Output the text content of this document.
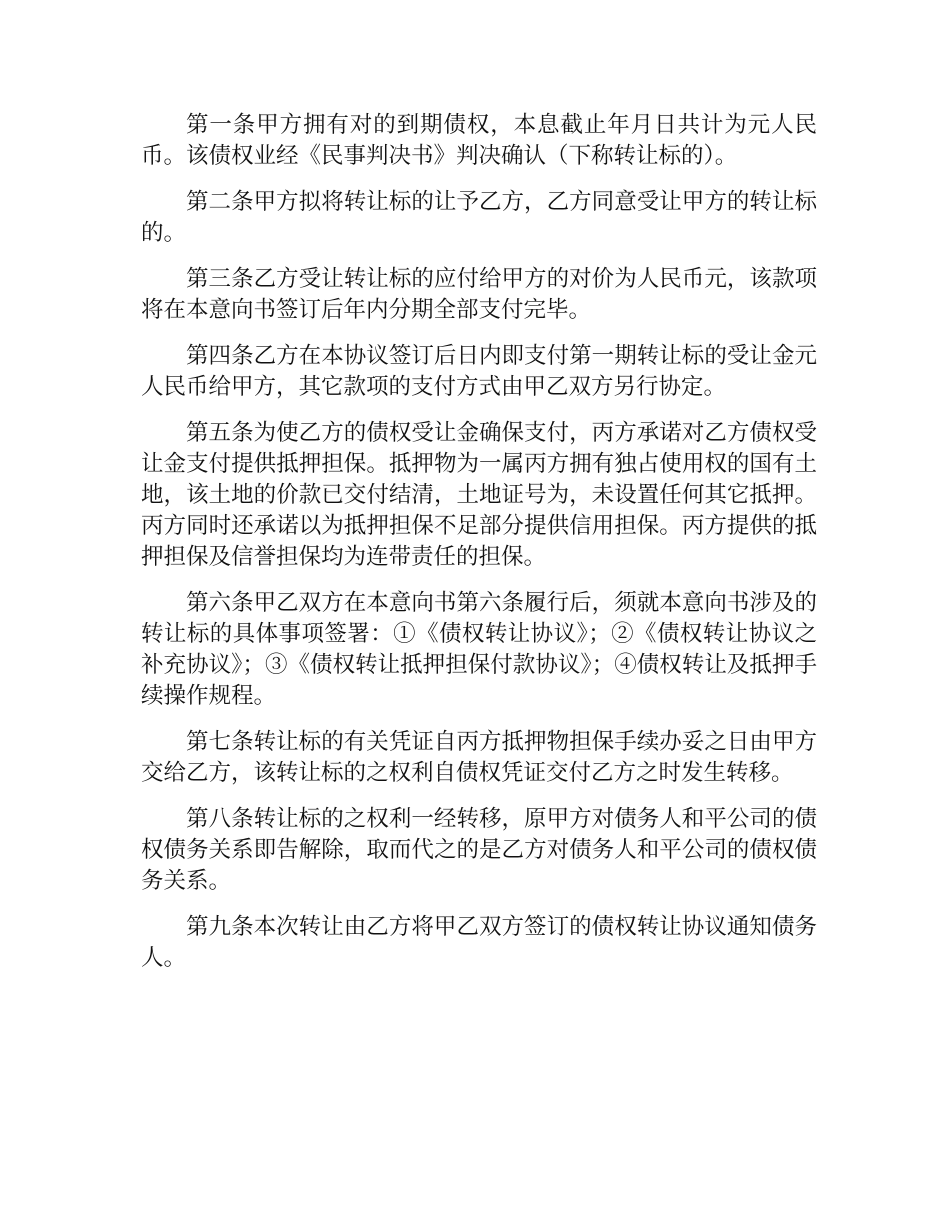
第一条甲方拥有对的到期债权，本息截止年月日共计为元人民币。该债权业经《民事判决书》判决确认（下称转让标的）。

第二条甲方拟将转让标的让予乙方，乙方同意受让甲方的转让标的。

第三条乙方受让转让标的应付给甲方的对价为人民币元，该款项将在本意向书签订后年内分期全部支付完毕。

第四条乙方在本协议签订后日内即支付第一期转让标的受让金元人民币给甲方，其它款项的支付方式由甲乙双方另行协定。

第五条为使乙方的债权受让金确保支付，丙方承诺对乙方债权受让金支付提供抵押担保。抵押物为一属丙方拥有独占使用权的国有土地，该土地的价款已交付结清，土地证号为，未设置任何其它抵押。丙方同时还承诺以为抵押担保不足部分提供信用担保。丙方提供的抵押担保及信誉担保均为连带责任的担保。

第六条甲乙双方在本意向书第六条履行后，须就本意向书涉及的转让标的具体事项签署：①《债权转让协议》；②《债权转让协议之补充协议》；③《债权转让抵押担保付款协议》；④债权转让及抵押手续操作规程。

第七条转让标的有关凭证自丙方抵押物担保手续办妥之日由甲方交给乙方，该转让标的之权利自债权凭证交付乙方之时发生转移。

第八条转让标的之权利一经转移，原甲方对债务人和平公司的债权债务关系即告解除，取而代之的是乙方对债务人和平公司的债权债务关系。

第九条本次转让由乙方将甲乙双方签订的债权转让协议通知债务人。
